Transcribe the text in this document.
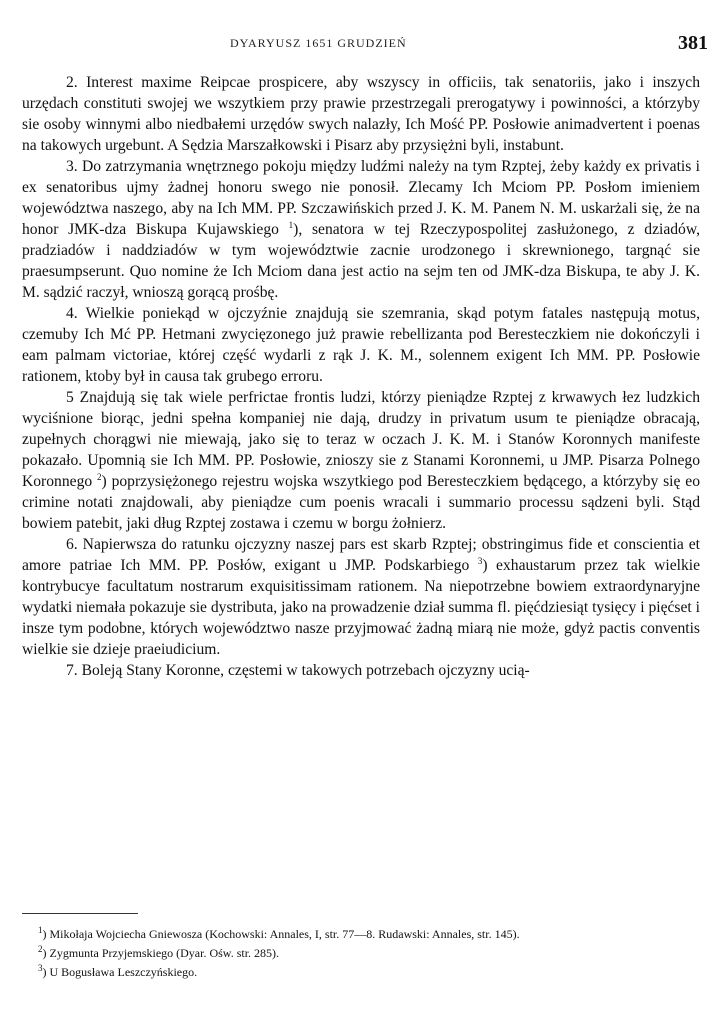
DYARYUSZ 1651 GRUDZIEŃ	381

2. Interest maxime Reipcae prospicere, aby wszyscy in officiis, tak senatoriis, jako i inszych urzędach constituti swojej we wszytkiem przy prawie przestrzegali prerogatywy i powinności, a którzyby sie osoby winnymi albo niedbałemi urzędów swych nalazły, Ich Mość PP. Posłowie animadvertent i poenas na takowych urgebunt. A Sędzia Marszałkowski i Pisarz aby przysiężni byli, instabunt.

3. Do zatrzymania wnętrznego pokoju między ludźmi należy na tym Rzptej, żeby każdy ex privatis i ex senatoribus ujmy żadnej honoru swego nie ponosił. Zlecamy Ich Mciom PP. Posłom imieniem województwa naszego, aby na Ich MM. PP. Szczawińskich przed J. K. M. Panem N. M. uskarżali się, że na honor JMK-dza Biskupa Kujawskiego $^1$), senatora w tej Rzeczypospolitej zasłużonego, z dziadów, pradziadów i naddziadów w tym województwie zacnie urodzonego i skrewnionego, targnąć sie praesumpserunt. Quo nomine że Ich Mciom dana jest actio na sejm ten od JMK-dza Biskupa, te aby J. K. M. sądzić raczył, wnioszą gorącą prośbę.

4. Wielkie poniekąd w ojczyźnie znajdują sie szemrania, skąd potym fatales następują motus, czemuby Ich Mć PP. Hetmani zwycięzonego już prawie rebellizanta pod Beresteczkiem nie dokończyli i eam palmam victoriae, której część wydarli z rąk J. K. M., solennem exigent Ich MM. PP. Posłowie rationem, ktoby był in causa tak grubego erroru.

5 Znajdują się tak wiele perfrictae frontis ludzi, którzy pieniądze Rzptej z krwawych łez ludzkich wyciśnione biorąc, jedni spełna kompaniej nie dają, drudzy in privatum usum te pieniądze obracają, zupełnych chorągwi nie miewają, jako się to teraz w oczach J. K. M. i Stanów Koronnych manifeste pokazało. Upomnią sie Ich MM. PP. Posłowie, znioszy sie z Stanami Koronnemi, u JMP. Pisarza Polnego Koronnego $^2$) poprzysiężonego rejestru wojska wszytkiego pod Beresteczkiem będącego, a którzyby się eo crimine notati znajdowali, aby pieniądze cum poenis wracali i summario processu sądzeni byli. Stąd bowiem patebit, jaki dług Rzptej zostawa i czemu w borgu żołnierz.

6. Napierwsza do ratunku ojczyzny naszej pars est skarb Rzptej; obstringimus fide et conscientia et amore patriae Ich MM. PP. Posłów, exigant u JMP. Podskarbiego $^3$) exhaustarum przez tak wielkie kontrybucye facultatum nostrarum exquisitissimam rationem. Na niepotrzebne bowiem extraordynaryjne wydatki niemała pokazuje sie dystributa, jako na prowadzenie dział summa fl. pięćdziesiąt tysięcy i pięćset i insze tym podobne, których województwo nasze przyjmować żadną miarą nie może, gdyż pactis conventis wielkie sie dzieje praeiudicium.

7. Boleją Stany Koronne, częstemi w takowych potrzebach ojczyzny ucią-

$^1$) Mikołaja Wojciecha Gniewosza (Kochowski: Annales, I, str. 77—8. Rudawski: Annales, str. 145).

$^2$) Zygmunta Przyjemskiego (Dyar. Ośw. str. 285).

$^3$) U Bogusława Leszczyńskiego.
